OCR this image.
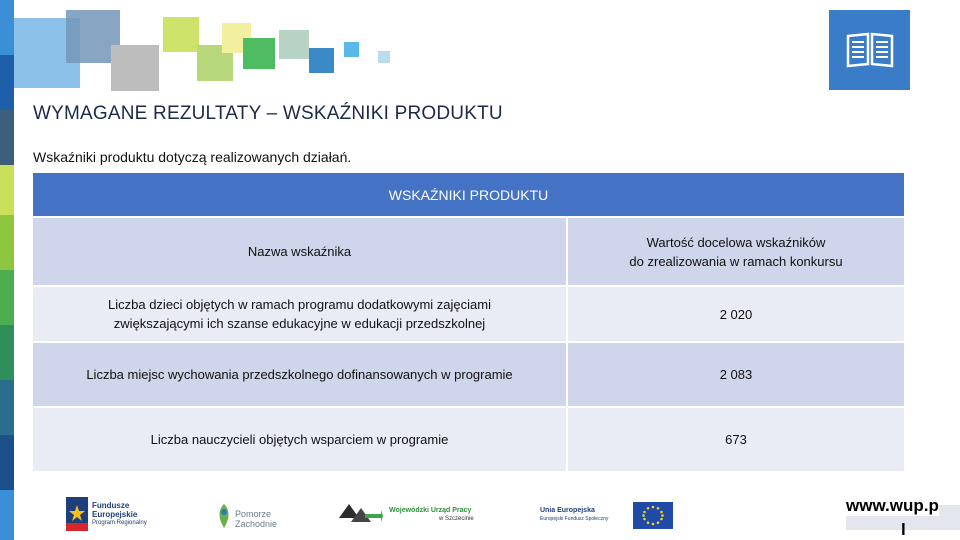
WYMAGANE REZULTATY – WSKAŹNIKI PRODUKTU
Wskaźniki produktu dotyczą realizowanych działań.
WSKAŹNIKI PRODUKTU
Nazwa wskaźnika
Wartość docelowa wskaźników
do zrealizowania w ramach konkursu
Liczba dzieci objętych w ramach programu dodatkowymi zajęciami
zwiększającymi ich szanse edukacyjne w edukacji przedszkolnej
2 020
Liczba miejsc wychowania przedszkolnego dofinansowanych w programie	2 083
Liczba nauczycieli objętych wsparciem w programie	673
Fundusze
Europejskie
Program Regionalny
Pomorze
Zachodnie
Wojewódzki Urząd Pracy
w Szczecinie
Unia Europejska
Europejski Fundusz Społeczny
www.wup.p
l
